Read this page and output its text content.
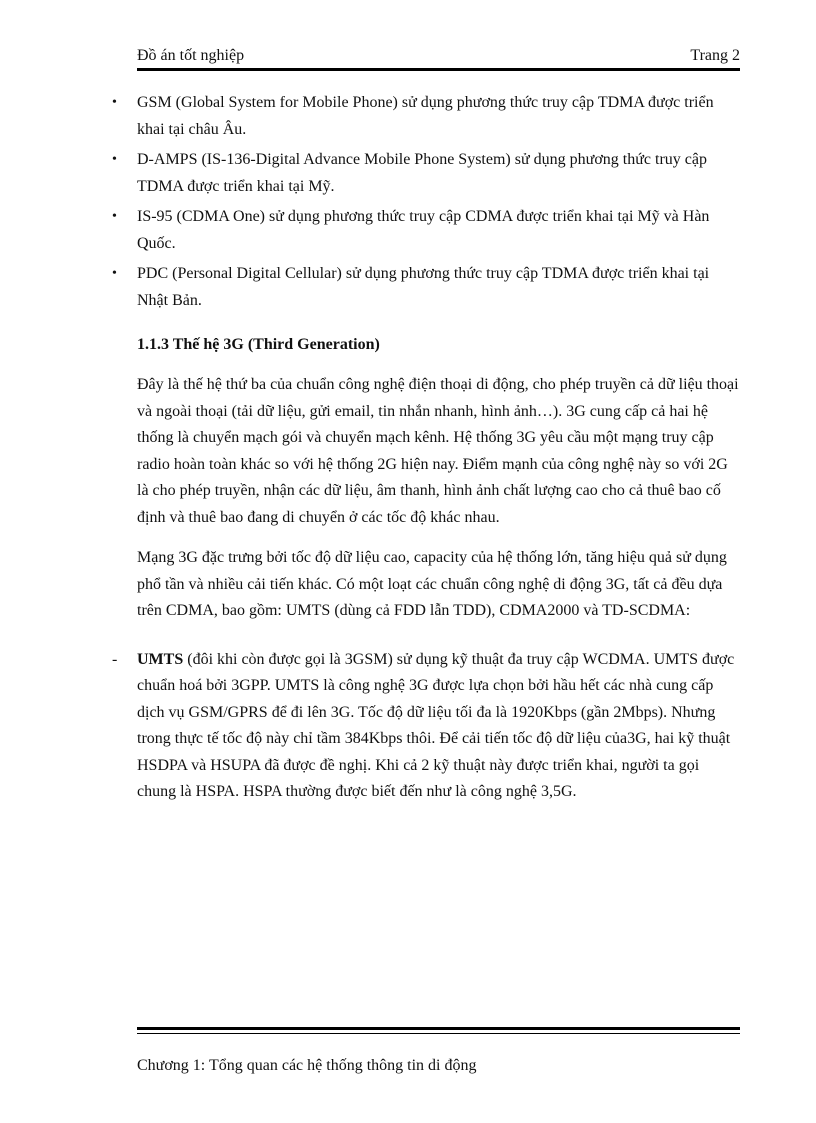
Đồ án tốt nghiệp	Trang 2
• GSM (Global System for Mobile Phone) sử dụng phương thức truy cập TDMA được triển khai tại châu Âu.
• D-AMPS (IS-136-Digital Advance Mobile Phone System) sử dụng phương thức truy cập TDMA được triển khai tại Mỹ.
• IS-95 (CDMA One) sử dụng phương thức truy cập CDMA được triển khai tại Mỹ và Hàn Quốc.
• PDC (Personal Digital Cellular) sử dụng phương thức truy cập TDMA được triển khai tại Nhật Bản.
1.1.3 Thế hệ 3G (Third Generation)

Đây là thế hệ thứ ba của chuẩn công nghệ điện thoại di động, cho phép truyền cả dữ liệu thoại và ngoài thoại (tải dữ liệu, gửi email, tin nhắn nhanh, hình ảnh…). 3G cung cấp cả hai hệ thống là chuyển mạch gói và chuyển mạch kênh. Hệ thống 3G yêu cầu một mạng truy cập radio hoàn toàn khác so với hệ thống 2G hiện nay. Điểm mạnh của công nghệ này so với 2G là cho phép truyền, nhận các dữ liệu, âm thanh, hình ảnh chất lượng cao cho cả thuê bao cố định và thuê bao đang di chuyển ở các tốc độ khác nhau.

Mạng 3G đặc trưng bởi tốc độ dữ liệu cao, capacity của hệ thống lớn, tăng hiệu quả sử dụng phổ tần và nhiều cải tiến khác. Có một loạt các chuẩn công nghệ di động 3G, tất cả đều dựa trên CDMA, bao gồm: UMTS (dùng cả FDD lẫn TDD), CDMA2000 và TD-SCDMA:

- UMTS (đôi khi còn được gọi là 3GSM) sử dụng kỹ thuật đa truy cập WCDMA. UMTS được chuẩn hoá bởi 3GPP. UMTS là công nghệ 3G được lựa chọn bởi hầu hết các nhà cung cấp dịch vụ GSM/GPRS để đi lên 3G. Tốc độ dữ liệu tối đa là 1920Kbps (gần 2Mbps). Nhưng trong thực tế tốc độ này chỉ tầm 384Kbps thôi. Để cải tiến tốc độ dữ liệu của3G, hai kỹ thuật HSDPA và HSUPA đã được đề nghị. Khi cả 2 kỹ thuật này được triển khai, người ta gọi chung là HSPA. HSPA thường được biết đến như là công nghệ 3,5G.
Chương 1: Tổng quan các hệ thống thông tin di động
